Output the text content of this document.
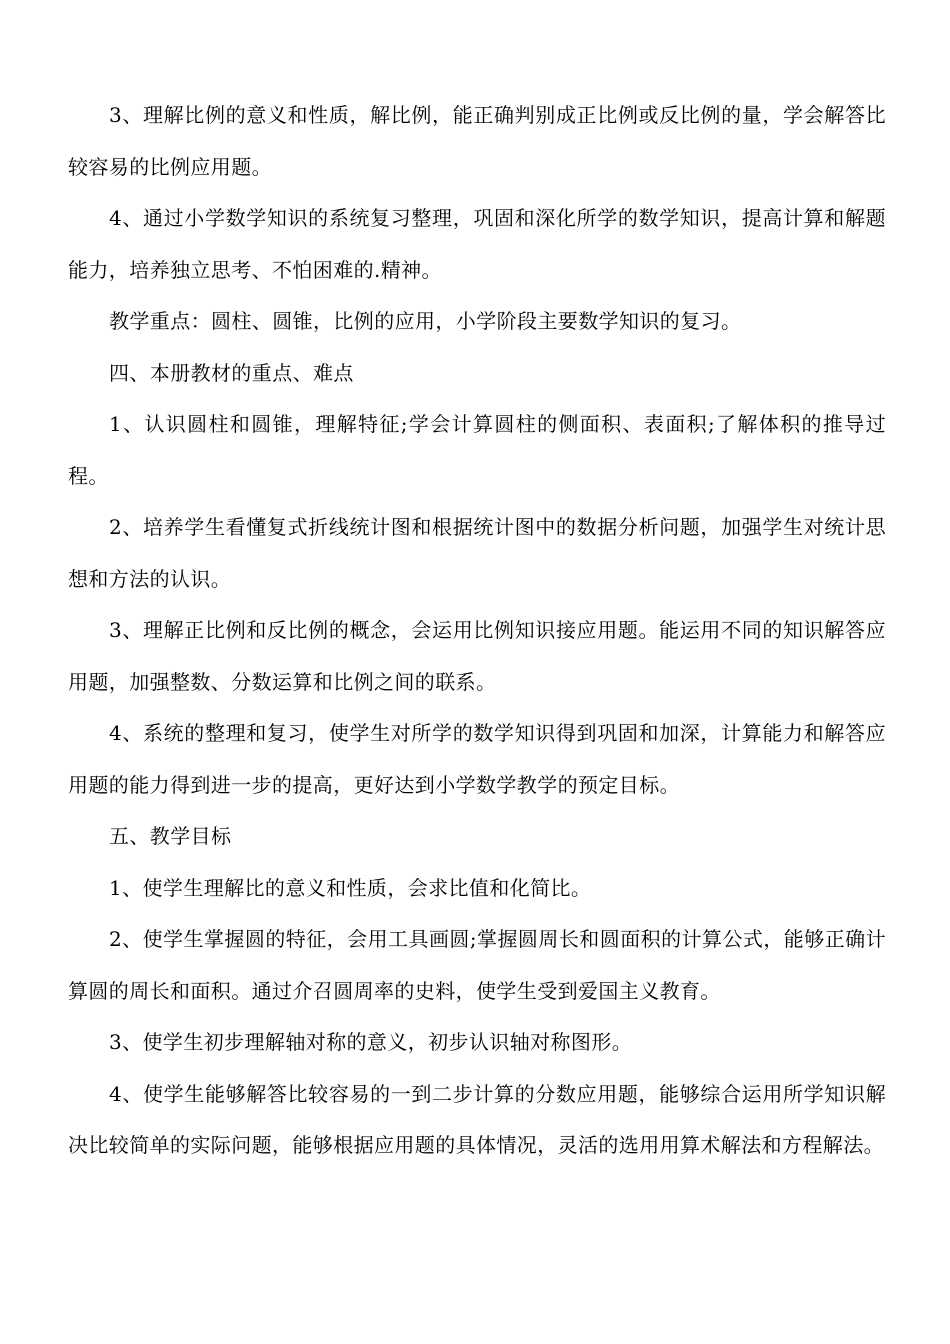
3、理解比例的意义和性质，解比例，能正确判别成正比例或反比例的量，学会解答比较容易的比例应用题。

4、通过小学数学知识的系统复习整理，巩固和深化所学的数学知识，提高计算和解题能力，培养独立思考、不怕困难的.精神。

教学重点：圆柱、圆锥，比例的应用，小学阶段主要数学知识的复习。

四、本册教材的重点、难点

1、认识圆柱和圆锥，理解特征;学会计算圆柱的侧面积、表面积;了解体积的推导过程。

2、培养学生看懂复式折线统计图和根据统计图中的数据分析问题，加强学生对统计思想和方法的认识。

3、理解正比例和反比例的概念，会运用比例知识接应用题。能运用不同的知识解答应用题，加强整数、分数运算和比例之间的联系。

4、系统的整理和复习，使学生对所学的数学知识得到巩固和加深，计算能力和解答应用题的能力得到进一步的提高，更好达到小学数学教学的预定目标。

五、教学目标

1、使学生理解比的意义和性质，会求比值和化简比。

2、使学生掌握圆的特征，会用工具画圆;掌握圆周长和圆面积的计算公式，能够正确计算圆的周长和面积。通过介召圆周率的史料，使学生受到爱国主义教育。

3、使学生初步理解轴对称的意义，初步认识轴对称图形。

4、使学生能够解答比较容易的一到二步计算的分数应用题，能够综合运用所学知识解决比较简单的实际问题，能够根据应用题的具体情况，灵活的选用用算术解法和方程解法。
